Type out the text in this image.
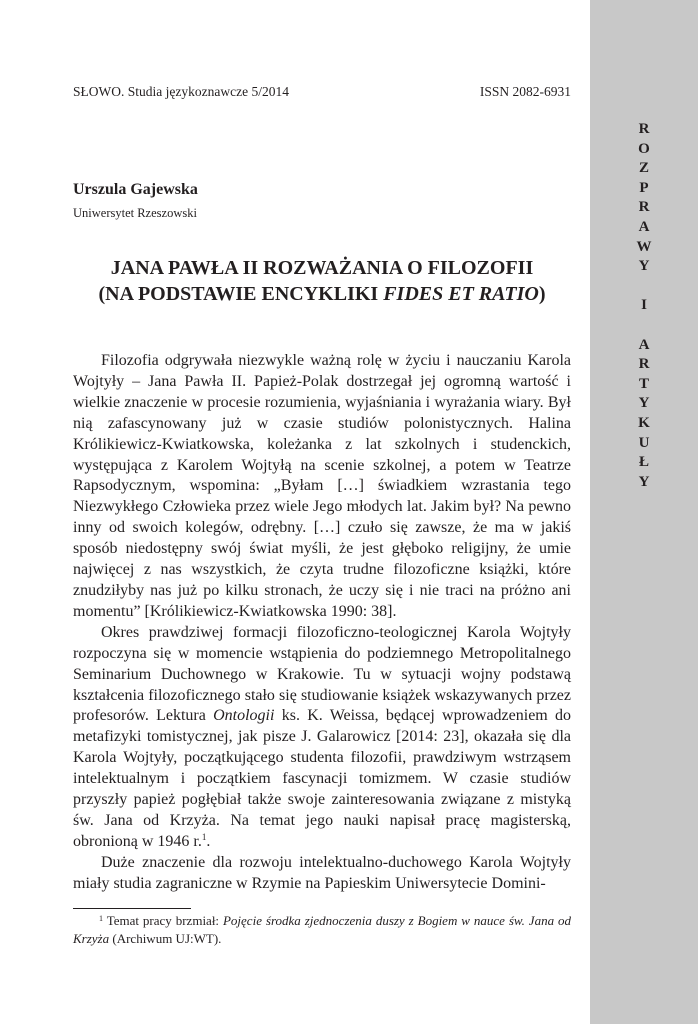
SŁOWO. Studia językoznawcze 5/2014	ISSN 2082-6931
Urszula Gajewska
Uniwersytet Rzeszowski
JANA PAWŁA II ROZWAŻANIA O FILOZOFII
(NA PODSTAWIE ENCYKLIKI FIDES ET RATIO)

Filozofia odgrywała niezwykle ważną rolę w życiu i nauczaniu Karola Wojtyły – Jana Pawła II. Papież-Polak dostrzegał jej ogromną wartość i wielkie znaczenie w procesie rozumienia, wyjaśniania i wyrażania wiary. Był nią zafascynowany już w czasie studiów polonistycznych. Halina Królikiewicz-Kwiatkowska, koleżanka z lat szkolnych i studenckich, występująca z Karolem Wojtyłą na scenie szkolnej, a potem w Teatrze Rapsodycznym, wspomina: „Byłam […] świadkiem wzrastania tego Niezwykłego Człowieka przez wiele Jego młodych lat. Jakim był? Na pewno inny od swoich kolegów, odrębny. […] czuło się zawsze, że ma w jakiś sposób niedostępny swój świat myśli, że jest głęboko religijny, że umie najwięcej z nas wszystkich, że czyta trudne filozoficzne książki, które znudziłyby nas już po kilku stronach, że uczy się i nie traci na próżno ani momentu” [Królikiewicz-Kwiatkowska 1990: 38].

Okres prawdziwej formacji filozoficzno-teologicznej Karola Wojtyły rozpoczyna się w momencie wstąpienia do podziemnego Metropolitalnego Seminarium Duchownego w Krakowie. Tu w sytuacji wojny podstawą kształcenia filozoficznego stało się studiowanie książek wskazywanych przez profesorów. Lektura Ontologii ks. K. Weissa, będącej wprowadzeniem do metafizyki tomistycznej, jak pisze J. Galarowicz [2014: 23], okazała się dla Karola Wojtyły, początkującego studenta filozofii, prawdziwym wstrząsem intelektualnym i początkiem fascynacji tomizmem. W czasie studiów przyszły papież pogłębiał także swoje zainteresowania związane z mistyką św. Jana od Krzyża. Na temat jego nauki napisał pracę magisterską, obronioną w 1946 r.$^1$.

Duże znaczenie dla rozwoju intelektualno-duchowego Karola Wojtyły miały studia zagraniczne w Rzymie na Papieskim Uniwersytecie Domini-

$^1$ Temat pracy brzmiał: Pojęcie środka zjednoczenia duszy z Bogiem w nauce św. Jana od Krzyża (Archiwum UJ:WT).
R
O
Z
P
R
A
W
Y
I
A
R
T
Y
K
U
Ł
Y
